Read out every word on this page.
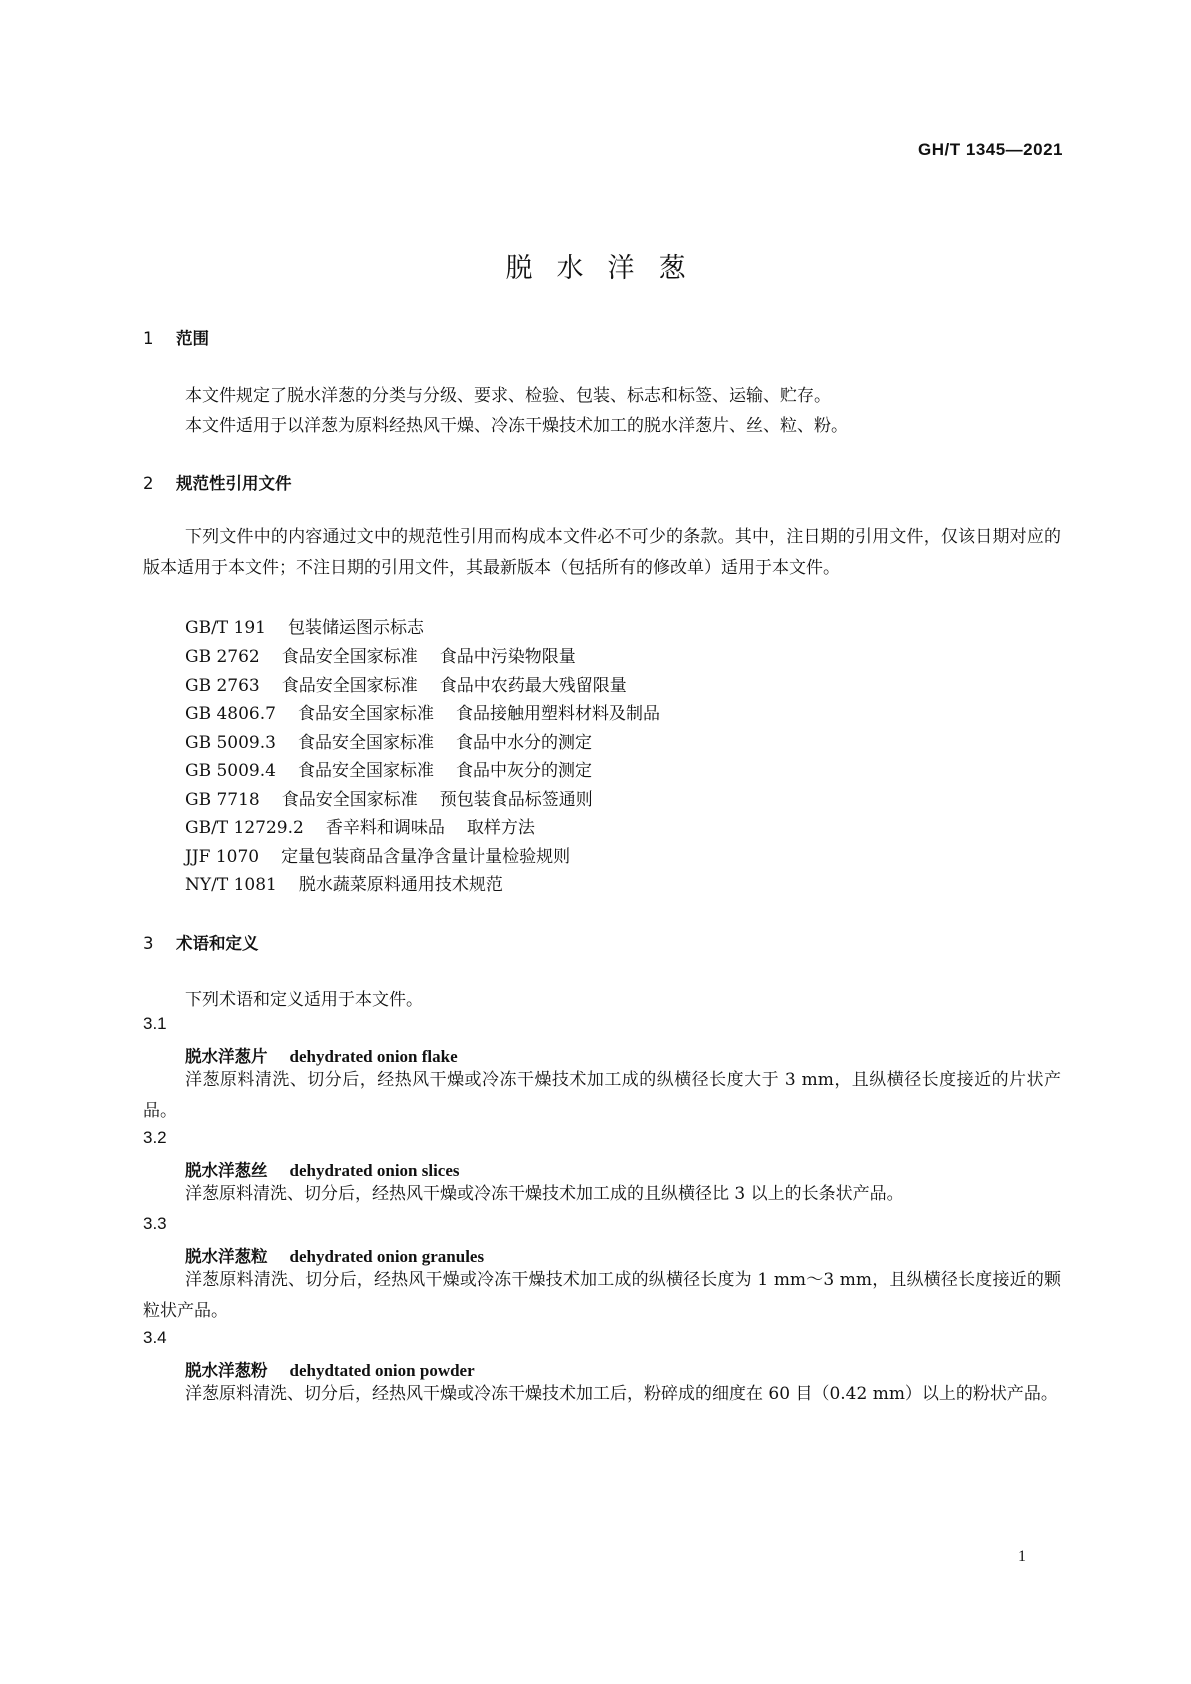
GH/T 1345—2021
脱水洋葱
1 范围
本文件规定了脱水洋葱的分类与分级、要求、检验、包装、标志和标签、运输、贮存。
本文件适用于以洋葱为原料经热风干燥、冷冻干燥技术加工的脱水洋葱片、丝、粒、粉。
2 规范性引用文件
下列文件中的内容通过文中的规范性引用而构成本文件必不可少的条款。其中，注日期的引用文件，仅该日期对应的版本适用于本文件；不注日期的引用文件，其最新版本（包括所有的修改单）适用于本文件。
GB/T 191 包装储运图示标志
GB 2762 食品安全国家标准 食品中污染物限量
GB 2763 食品安全国家标准 食品中农药最大残留限量
GB 4806.7 食品安全国家标准 食品接触用塑料材料及制品
GB 5009.3 食品安全国家标准 食品中水分的测定
GB 5009.4 食品安全国家标准 食品中灰分的测定
GB 7718 食品安全国家标准 预包装食品标签通则
GB/T 12729.2 香辛料和调味品 取样方法
JJF 1070 定量包装商品含量净含量计量检验规则
NY/T 1081 脱水蔬菜原料通用技术规范
3 术语和定义
下列术语和定义适用于本文件。
3.1
脱水洋葱片 dehydrated onion flake
洋葱原料清洗、切分后，经热风干燥或冷冻干燥技术加工成的纵横径长度大于 3 mm，且纵横径长度接近的片状产品。
3.2
脱水洋葱丝 dehydrated onion slices
洋葱原料清洗、切分后，经热风干燥或冷冻干燥技术加工成的且纵横径比 3 以上的长条状产品。
3.3
脱水洋葱粒 dehydrated onion granules
洋葱原料清洗、切分后，经热风干燥或冷冻干燥技术加工成的纵横径长度为 1 mm～3 mm，且纵横径长度接近的颗粒状产品。
3.4
脱水洋葱粉 dehydtated onion powder
洋葱原料清洗、切分后，经热风干燥或冷冻干燥技术加工后，粉碎成的细度在 60 目（0.42 mm）以上的粉状产品。
1
